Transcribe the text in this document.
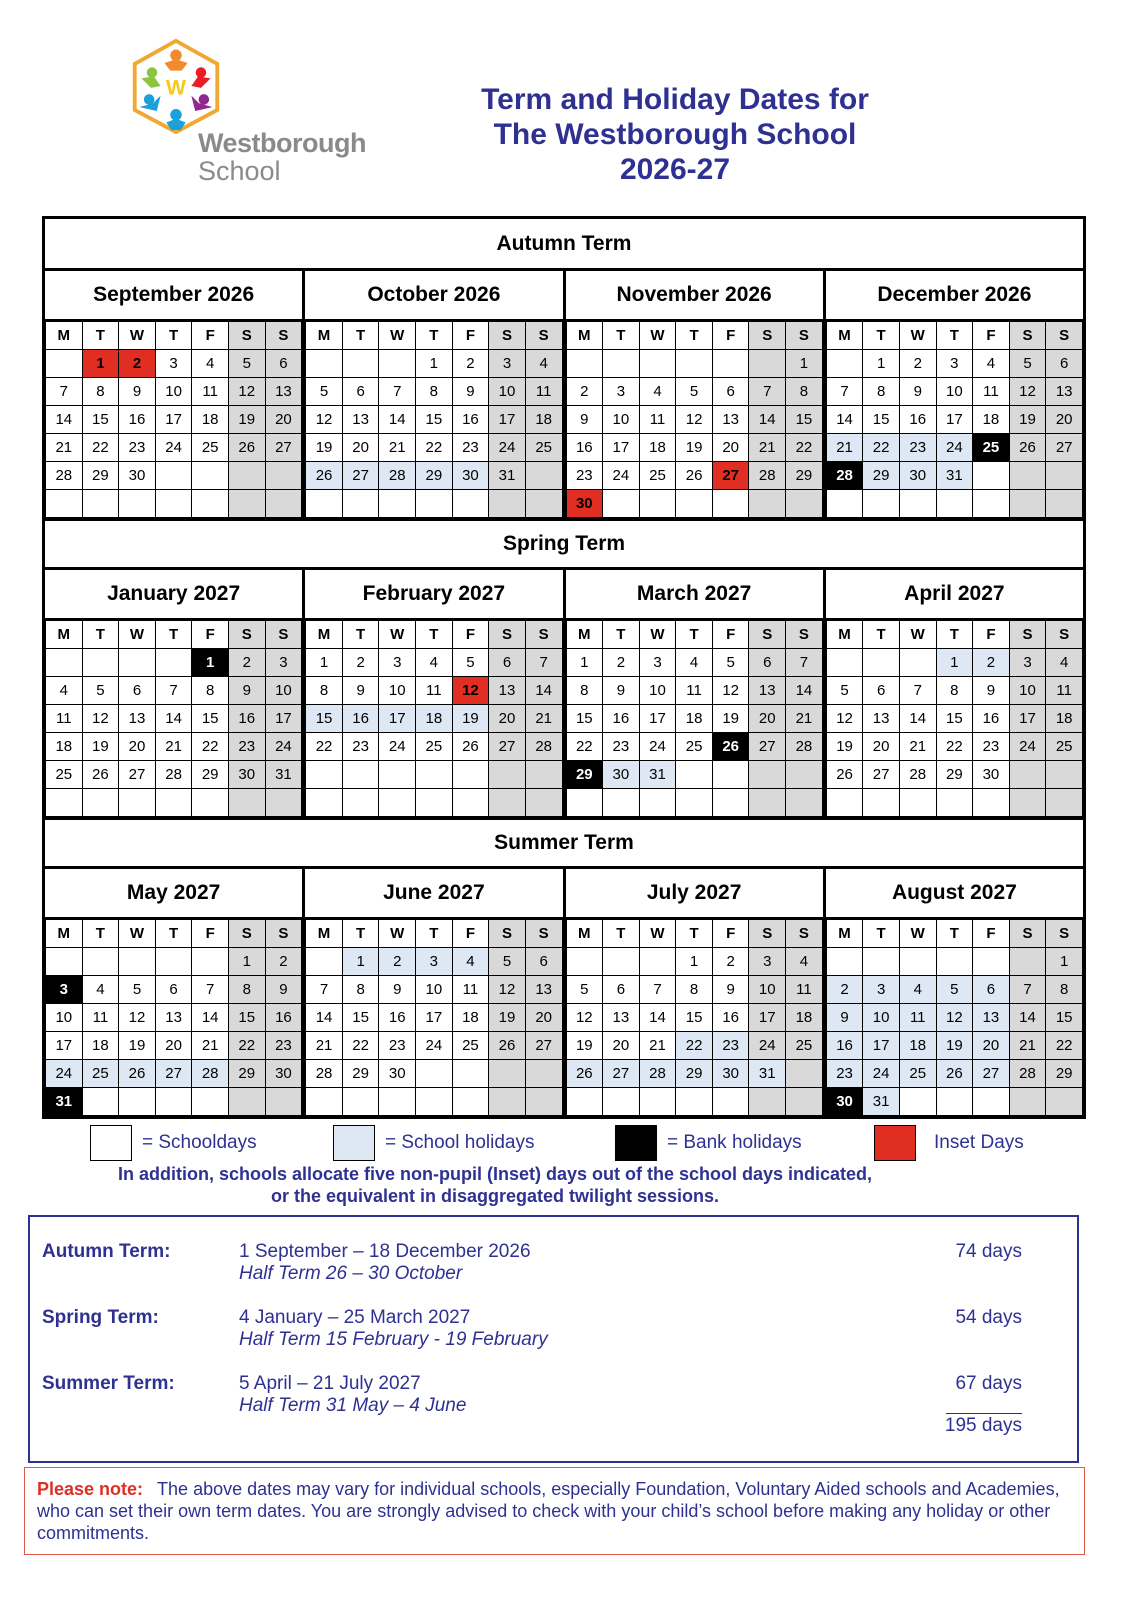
W
Westborough
School
Term and Holiday Dates for
The Westborough School
2026-27
Autumn Term
September 2026
M	T	W	T	F	S	S
	1	2	3	4	5	6
7	8	9	10	11	12	13
14	15	16	17	18	19	20
21	22	23	24	25	26	27
28	29	30				

October 2026
M	T	W	T	F	S	S
			1	2	3	4
5	6	7	8	9	10	11
12	13	14	15	16	17	18
19	20	21	22	23	24	25
26	27	28	29	30	31	

November 2026
M	T	W	T	F	S	S
						1
2	3	4	5	6	7	8
9	10	11	12	13	14	15
16	17	18	19	20	21	22
23	24	25	26	27	28	29
30						
December 2026
M	T	W	T	F	S	S
	1	2	3	4	5	6
7	8	9	10	11	12	13
14	15	16	17	18	19	20
21	22	23	24	25	26	27
28	29	30	31			

Spring Term
January 2027
M	T	W	T	F	S	S
				1	2	3
4	5	6	7	8	9	10
11	12	13	14	15	16	17
18	19	20	21	22	23	24
25	26	27	28	29	30	31

February 2027
M	T	W	T	F	S	S
1	2	3	4	5	6	7
8	9	10	11	12	13	14
15	16	17	18	19	20	21
22	23	24	25	26	27	28

March 2027
M	T	W	T	F	S	S
1	2	3	4	5	6	7
8	9	10	11	12	13	14
15	16	17	18	19	20	21
22	23	24	25	26	27	28
29	30	31				

April 2027
M	T	W	T	F	S	S
			1	2	3	4
5	6	7	8	9	10	11
12	13	14	15	16	17	18
19	20	21	22	23	24	25
26	27	28	29	30		

Summer Term
May 2027
M	T	W	T	F	S	S
					1	2
3	4	5	6	7	8	9
10	11	12	13	14	15	16
17	18	19	20	21	22	23
24	25	26	27	28	29	30
31						
June 2027
M	T	W	T	F	S	S
	1	2	3	4	5	6
7	8	9	10	11	12	13
14	15	16	17	18	19	20
21	22	23	24	25	26	27
28	29	30				

July 2027
M	T	W	T	F	S	S
			1	2	3	4
5	6	7	8	9	10	11
12	13	14	15	16	17	18
19	20	21	22	23	24	25
26	27	28	29	30	31	

August 2027
M	T	W	T	F	S	S
						1
2	3	4	5	6	7	8
9	10	11	12	13	14	15
16	17	18	19	20	21	22
23	24	25	26	27	28	29
30	31					
= Schooldays	= School holidays	= Bank holidays	Inset Days
In addition, schools allocate five non-pupil (Inset) days out of the school days indicated,
or the equivalent in disaggregated twilight sessions.
Autumn Term:	1 September – 18 December 2026
Half Term 26 – 30 October
74 days
Spring Term:	4 January – 25 March 2027
Half Term 15 February - 19 February
54 days
Summer Term:	5 April – 21 July 2027
Half Term 31 May – 4 June
67 days
195 days
Please note: The above dates may vary for individual schools, especially Foundation, Voluntary Aided schools and Academies, who can set their own term dates. You are strongly advised to check with your child’s school before making any holiday or other commitments.
